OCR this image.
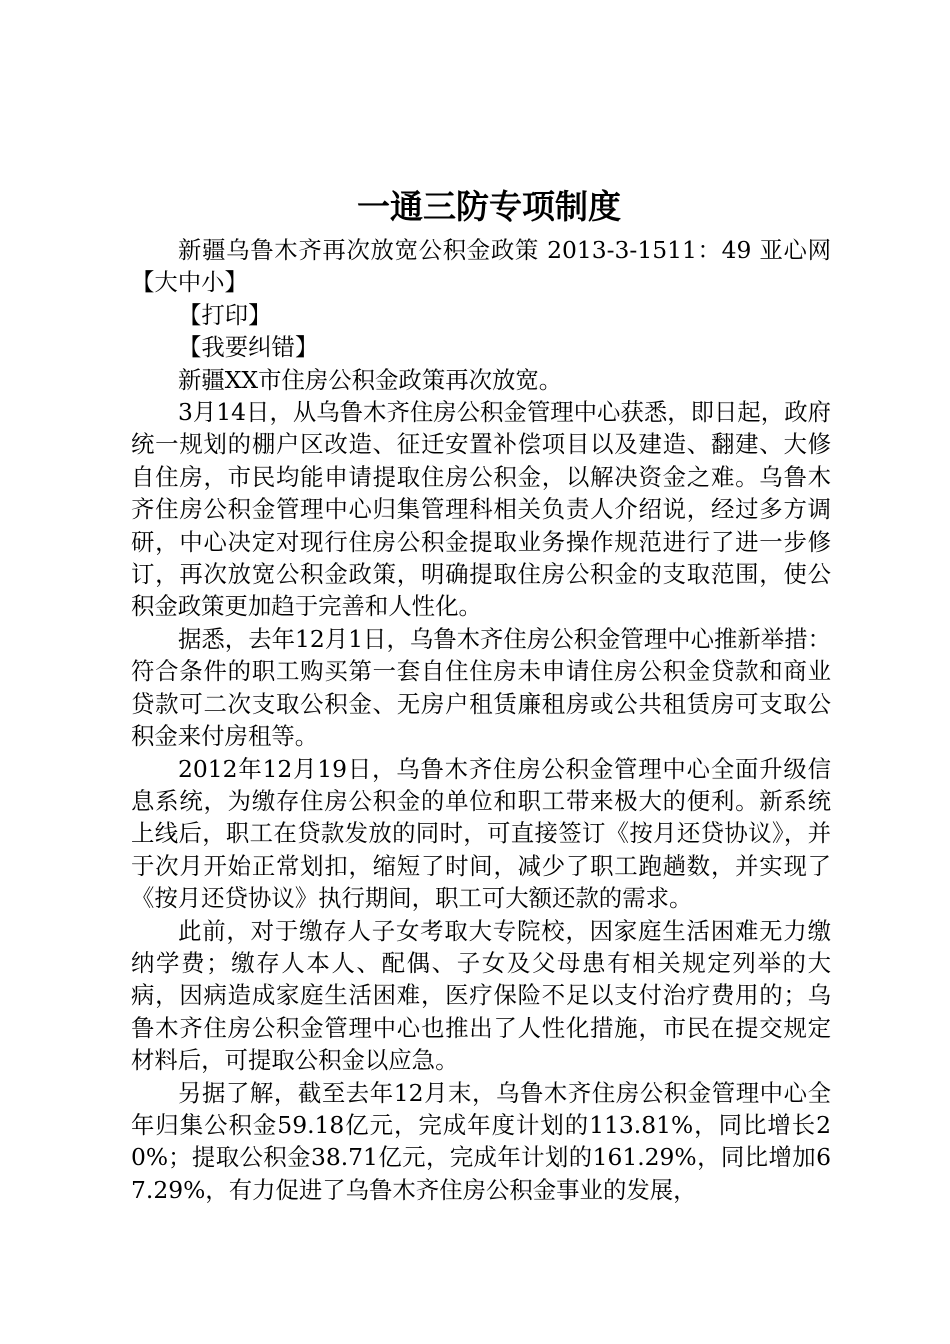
一通三防专项制度

新疆乌鲁木齐再次放宽公积金政策 2013-3-1511：49 亚心网【大中小】

【打印】

【我要纠错】

新疆XX市住房公积金政策再次放宽。

3月14日，从乌鲁木齐住房公积金管理中心获悉，即日起，政府统一规划的棚户区改造、征迁安置补偿项目以及建造、翻建、大修自住房，市民均能申请提取住房公积金，以解决资金之难。乌鲁木齐住房公积金管理中心归集管理科相关负责人介绍说，经过多方调研，中心决定对现行住房公积金提取业务操作规范进行了进一步修订，再次放宽公积金政策，明确提取住房公积金的支取范围，使公积金政策更加趋于完善和人性化。

据悉，去年12月1日，乌鲁木齐住房公积金管理中心推新举措：符合条件的职工购买第一套自住住房未申请住房公积金贷款和商业贷款可二次支取公积金、无房户租赁廉租房或公共租赁房可支取公积金来付房租等。

2012年12月19日，乌鲁木齐住房公积金管理中心全面升级信息系统，为缴存住房公积金的单位和职工带来极大的便利。新系统上线后，职工在贷款发放的同时，可直接签订《按月还贷协议》，并于次月开始正常划扣，缩短了时间，减少了职工跑趟数，并实现了《按月还贷协议》执行期间，职工可大额还款的需求。

此前，对于缴存人子女考取大专院校，因家庭生活困难无力缴纳学费；缴存人本人、配偶、子女及父母患有相关规定列举的大病，因病造成家庭生活困难，医疗保险不足以支付治疗费用的；乌鲁木齐住房公积金管理中心也推出了人性化措施，市民在提交规定材料后，可提取公积金以应急。

另据了解，截至去年12月末，乌鲁木齐住房公积金管理中心全年归集公积金59.18亿元，完成年度计划的113.81%，同比增长20%；提取公积金38.71亿元，完成年计划的161.29%，同比增加67.29%，有力促进了乌鲁木齐住房公积金事业的发展，
